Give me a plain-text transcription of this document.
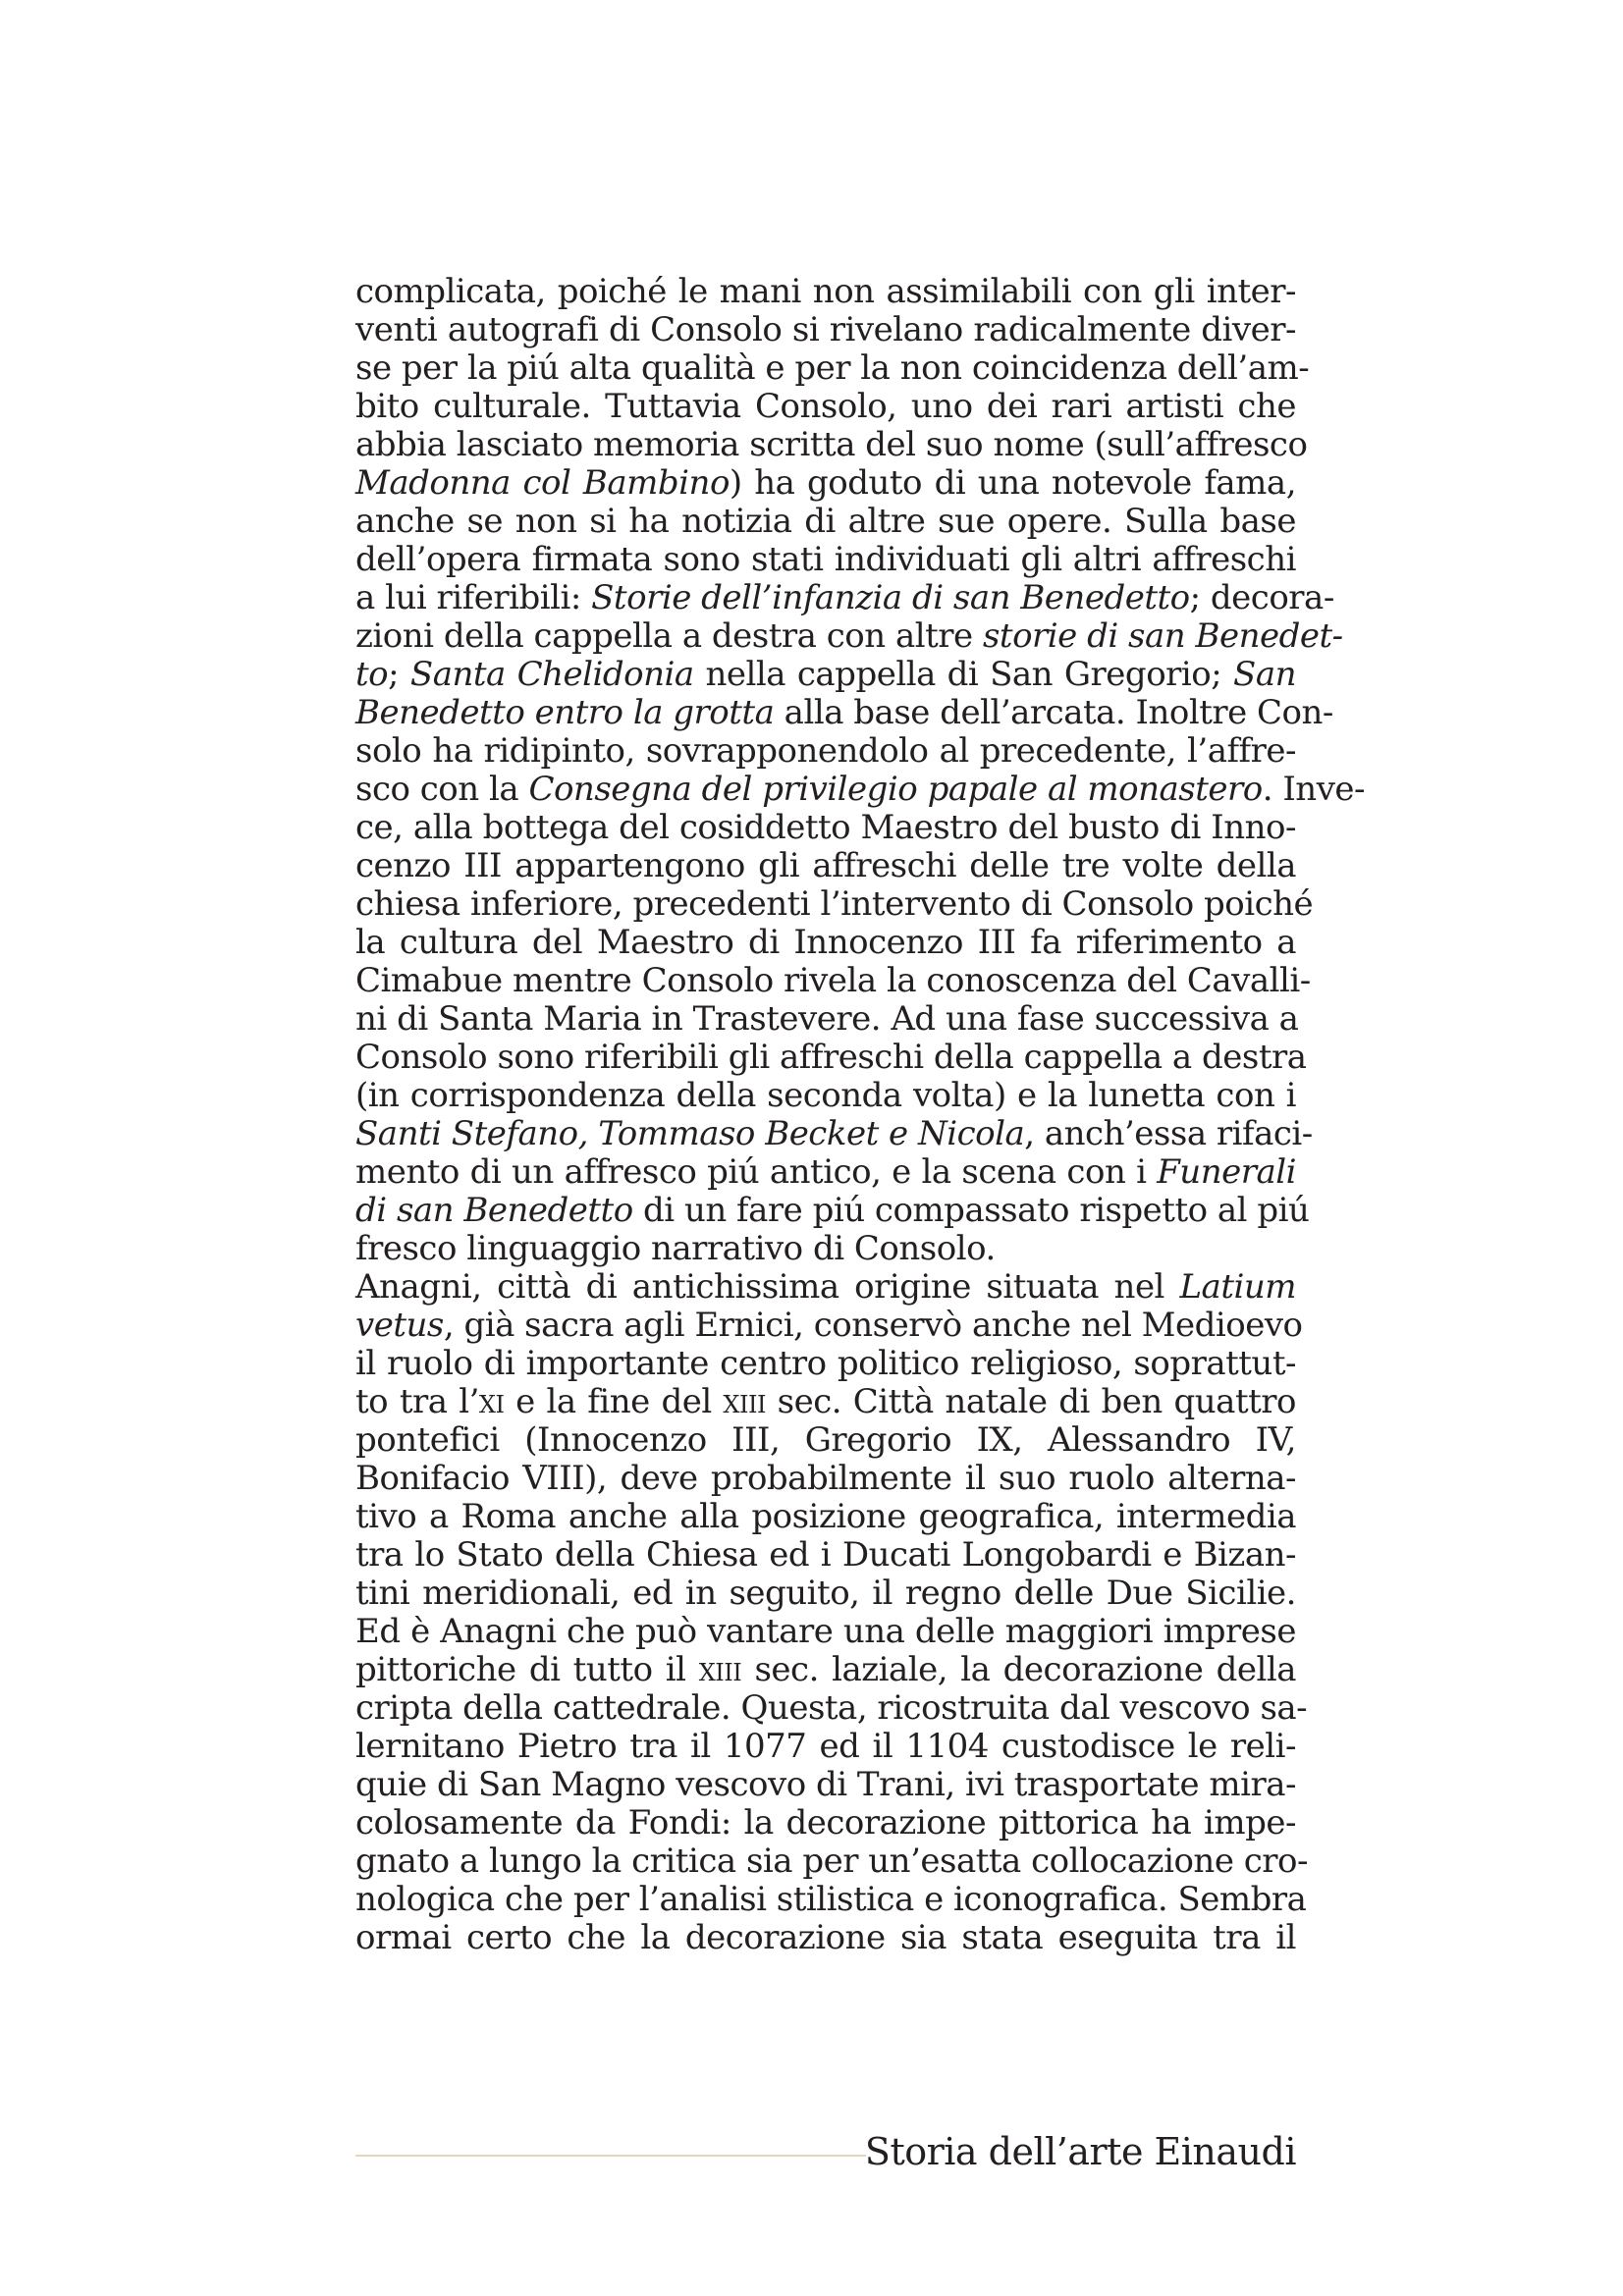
complicata, poiché le mani non assimilabili con gli inter-
venti autografi di Consolo si rivelano radicalmente diver-
se per la piú alta qualità e per la non coincidenza dell’am-
bito culturale. Tuttavia Consolo, uno dei rari artisti che
abbia lasciato memoria scritta del suo nome (sull’affresco
Madonna col Bambino) ha goduto di una notevole fama,
anche se non si ha notizia di altre sue opere. Sulla base
dell’opera firmata sono stati individuati gli altri affreschi
a lui riferibili: Storie dell’infanzia di san Benedetto; decora-
zioni della cappella a destra con altre storie di san Benedet-
to; Santa Chelidonia nella cappella di San Gregorio; San
Benedetto entro la grotta alla base dell’arcata. Inoltre Con-
solo ha ridipinto, sovrapponendolo al precedente, l’affre-
sco con la Consegna del privilegio papale al monastero. Inve-
ce, alla bottega del cosiddetto Maestro del busto di Inno-
cenzo III appartengono gli affreschi delle tre volte della
chiesa inferiore, precedenti l’intervento di Consolo poiché
la cultura del Maestro di Innocenzo III fa riferimento a
Cimabue mentre Consolo rivela la conoscenza del Cavalli-
ni di Santa Maria in Trastevere. Ad una fase successiva a
Consolo sono riferibili gli affreschi della cappella a destra
(in corrispondenza della seconda volta) e la lunetta con i
Santi Stefano, Tommaso Becket e Nicola, anch’essa rifaci-
mento di un affresco piú antico, e la scena con i Funerali
di san Benedetto di un fare piú compassato rispetto al piú
fresco linguaggio narrativo di Consolo.
Anagni, città di antichissima origine situata nel Latium
vetus, già sacra agli Ernici, conservò anche nel Medioevo
il ruolo di importante centro politico religioso, soprattut-
to tra l’xi e la fine del xiii sec. Città natale di ben quattro
pontefici (Innocenzo III, Gregorio IX, Alessandro IV,
Bonifacio VIII), deve probabilmente il suo ruolo alterna-
tivo a Roma anche alla posizione geografica, intermedia
tra lo Stato della Chiesa ed i Ducati Longobardi e Bizan-
tini meridionali, ed in seguito, il regno delle Due Sicilie.
Ed è Anagni che può vantare una delle maggiori imprese
pittoriche di tutto il xiii sec. laziale, la decorazione della
cripta della cattedrale. Questa, ricostruita dal vescovo sa-
lernitano Pietro tra il 1077 ed il 1104 custodisce le reli-
quie di San Magno vescovo di Trani, ivi trasportate mira-
colosamente da Fondi: la decorazione pittorica ha impe-
gnato a lungo la critica sia per un’esatta collocazione cro-
nologica che per l’analisi stilistica e iconografica. Sembra
ormai certo che la decorazione sia stata eseguita tra il
Storia dell’arte Einaudi
